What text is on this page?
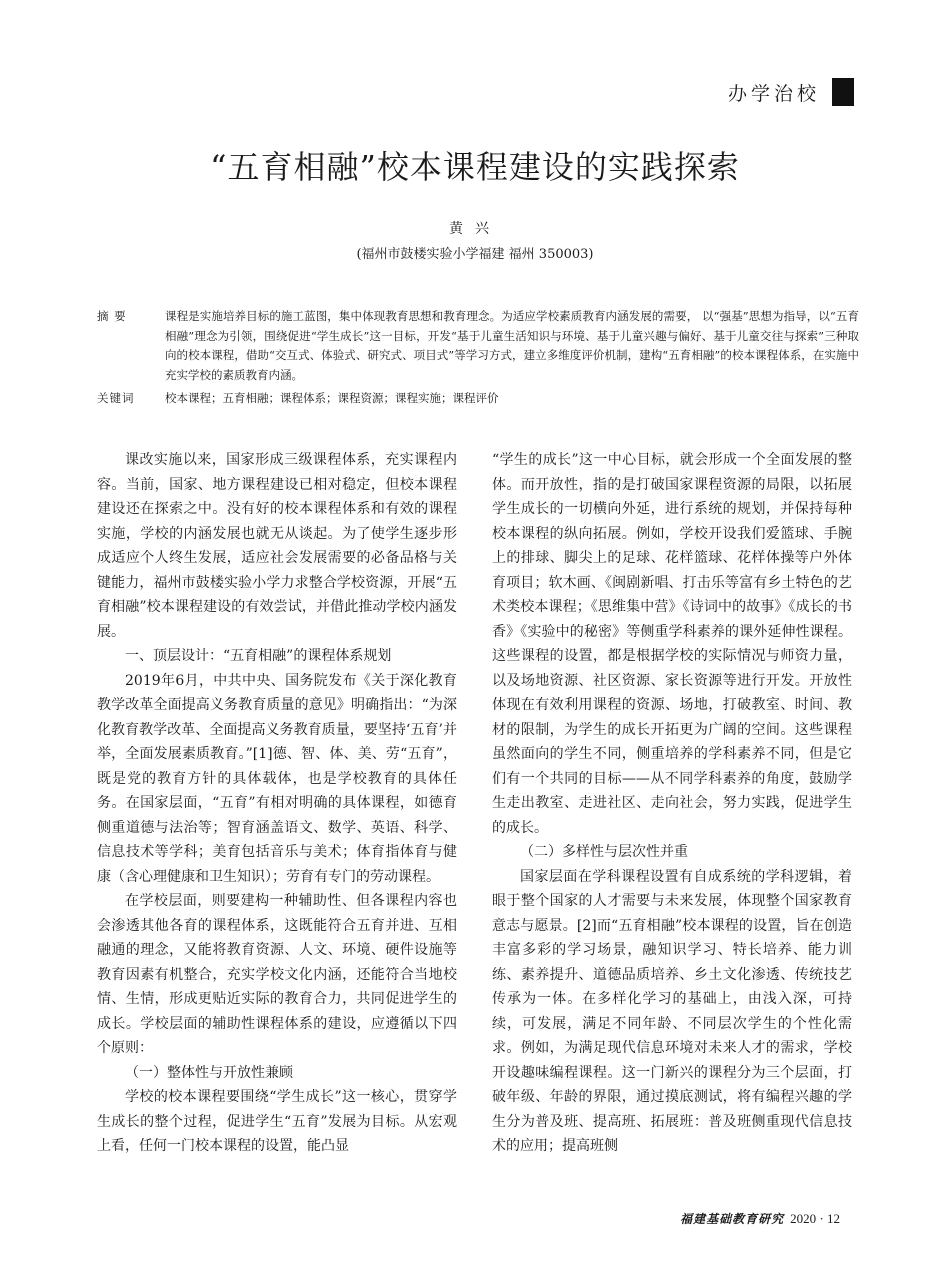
办学治校
“五育相融”校本课程建设的实践探索
黄兴
(福州市鼓楼实验小学福建 福州 350003)
摘 要	课程是实施培养目标的施工蓝图，集中体现教育思想和教育理念。为适应学校素质教育内涵发展的需要， 以“强基”思想为指导，以“五育相融”理念为引领，围绕促进“学生成长”这一目标，开发“基于儿童生活知识与环境、基于儿童兴趣与偏好、基于儿童交往与探索”三种取向的校本课程，借助“交互式、体验式、研究式、项目式”等学习方式，建立多维度评价机制，建构“五育相融”的校本课程体系，在实施中充实学校的素质教育内涵。
关键词	校本课程；五育相融；课程体系；课程资源；课程实施；课程评价

课改实施以来，国家形成三级课程体系，充实课程内容。当前，国家、地方课程建设已相对稳定，但校本课程建设还在探索之中。没有好的校本课程体系和有效的课程实施，学校的内涵发展也就无从谈起。为了使学生逐步形成适应个人终生发展，适应社会发展需要的必备品格与关键能力，福州市鼓楼实验小学力求整合学校资源，开展“五育相融”校本课程建设的有效尝试，并借此推动学校内涵发展。

一、顶层设计：“五育相融”的课程体系规划

2019年6月，中共中央、国务院发布《关于深化教育教学改革全面提高义务教育质量的意见》明确指出：“为深化教育教学改革、全面提高义务教育质量，要坚持‘五育’并举，全面发展素质教育。”[1]德、智、体、美、劳“五育”，既是党的教育方针的具体载体，也是学校教育的具体任务。在国家层面，“五育”有相对明确的具体课程，如德育侧重道德与法治等；智育涵盖语文、数学、英语、科学、信息技术等学科；美育包括音乐与美术；体育指体育与健康（含心理健康和卫生知识）；劳育有专门的劳动课程。

在学校层面，则要建构一种辅助性、但各课程内容也会渗透其他各育的课程体系，这既能符合五育并进、互相融通的理念，又能将教育资源、人文、环境、硬件设施等教育因素有机整合，充实学校文化内涵，还能符合当地校情、生情，形成更贴近实际的教育合力，共同促进学生的成长。学校层面的辅助性课程体系的建设，应遵循以下四个原则：

（一）整体性与开放性兼顾

学校的校本课程要围绕“学生成长”这一核心，贯穿学生成长的整个过程，促进学生“五育”发展为目标。从宏观上看，任何一门校本课程的设置，能凸显

“学生的成长”这一中心目标，就会形成一个全面发展的整体。而开放性，指的是打破国家课程资源的局限，以拓展学生成长的一切横向外延，进行系统的规划，并保持每种校本课程的纵向拓展。例如，学校开设我们爱篮球、手腕上的排球、脚尖上的足球、花样篮球、花样体操等户外体育项目；软木画、《闽剧新唱、打击乐等富有乡土特色的艺术类校本课程；《思维集中营》《诗词中的故事》《成长的书香》《实验中的秘密》等侧重学科素养的课外延伸性课程。这些课程的设置，都是根据学校的实际情况与师资力量，以及场地资源、社区资源、家长资源等进行开发。开放性体现在有效利用课程的资源、场地，打破教室、时间、教材的限制，为学生的成长开拓更为广阔的空间。这些课程虽然面向的学生不同，侧重培养的学科素养不同，但是它们有一个共同的目标——从不同学科素养的角度，鼓励学生走出教室、走进社区、走向社会，努力实践，促进学生的成长。

（二）多样性与层次性并重

国家层面在学科课程设置有自成系统的学科逻辑，着眼于整个国家的人才需要与未来发展，体现整个国家教育意志与愿景。[2]而“五育相融”校本课程的设置，旨在创造丰富多彩的学习场景，融知识学习、特长培养、能力训练、素养提升、道德品质培养、乡土文化渗透、传统技艺传承为一体。在多样化学习的基础上，由浅入深，可持续，可发展，满足不同年龄、不同层次学生的个性化需求。例如，为满足现代信息环境对未来人才的需求，学校开设趣味编程课程。这一门新兴的课程分为三个层面，打破年级、年龄的界限，通过摸底测试，将有编程兴趣的学生分为普及班、提高班、拓展班：普及班侧重现代信息技术的应用；提高班侧

福建基础教育研究 2020 · 12
